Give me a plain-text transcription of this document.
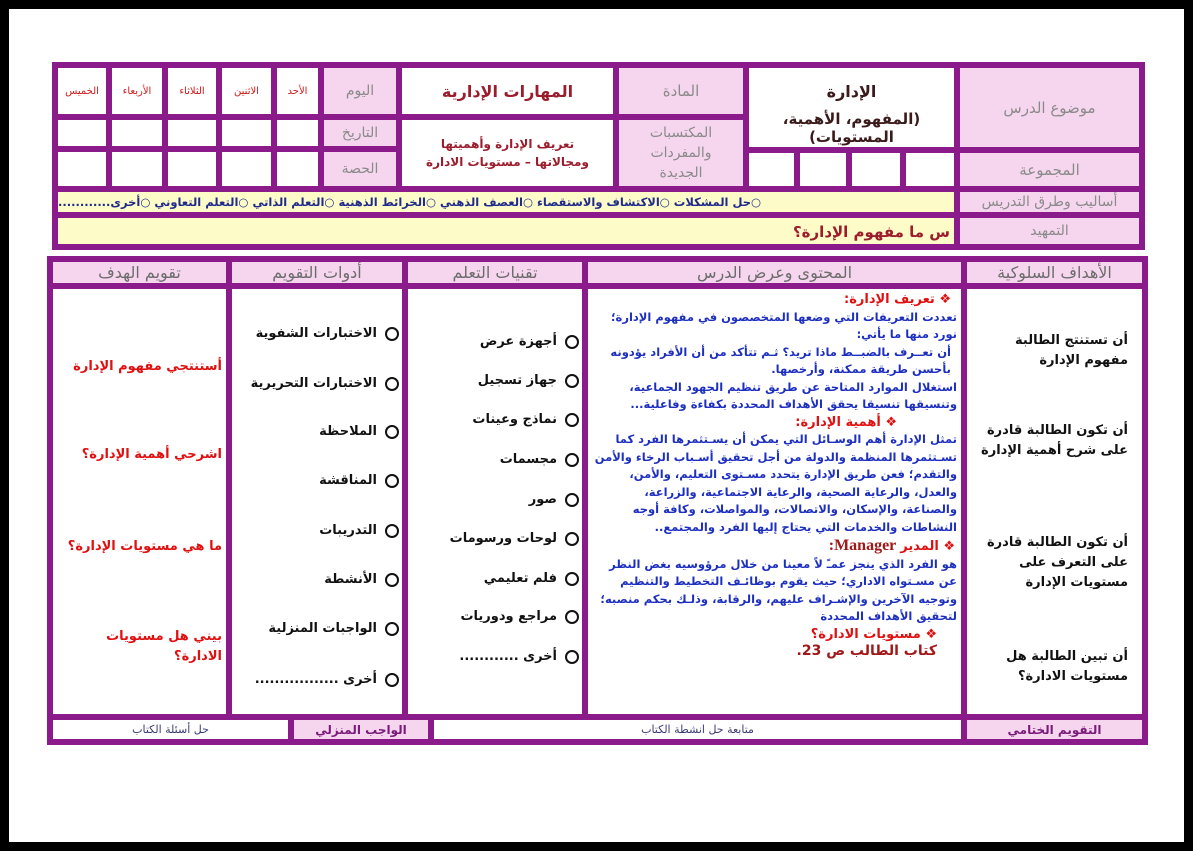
موضوع الدرس
الإدارة
(المفهوم، الأهمية، المستويات)
المادة
المهارات الإدارية
المكتسبات والمفردات الجديدة
تعريف الإدارة وأهميتها ومجالاتها – مستويات الادارة	المجموعة
اليوم
التاريخ
الحصة
الأحد
الاثنين
الثلاثاء
الأربعاء
الخميس
أساليب وطرق التدريس
○حل المشكلات ○الاكتشاف والاستقصاء ○العصف الذهني ○الخرائط الذهنية ○التعلم الذاتي ○التعلم التعاوني ○أخرى............
التمهيد
س ما مفهوم الإدارة؟
الأهداف السلوكية
المحتوى وعرض الدرس
تقنيات التعلم
أدوات التقويم
تقويم الهدف
أن تستنتج الطالبة مفهوم الإدارة
أن تكون الطالبة قادرة على شرح أهمية الإدارة
أن تكون الطالبة قادرة على التعرف على مستويات الإدارة
أن تبين الطالبة هل مستويات الادارة؟
❖ تعريف الإدارة:
تعددت التعريفات التي وضعها المتخصصون في مفهوم الإدارة؛ نورد منها ما يأتي:
أن تعــرف بالضبــط ماذا تريد؟ ثـم تتأكد من أن الأفراد يؤدونه بأحسن طريقة ممكنة، وأرخصها.
استغلال الموارد المتاحة عن طريق تنظيم الجهود الجماعية، وتنسيقها تنسيقا يحقق الأهداف المحددة بكفاءة وفاعلية...
❖ أهمية الإدارة:
تمثل الإدارة أهم الوسـائل التي يمكن أن يسـتثمرها الفرد كما تسـتثمرها المنظمة والدولة من أجل تحقيق أسـباب الرخاء والأمن والتقدم؛ فعن طريق الإدارة يتحدد مسـتوى التعليم، والأمن، والعدل، والرعاية الصحية، والرعاية الاجتماعية، والزراعة، والصناعة، والإسكان، والاتصالات، والمواصلات، وكافة أوجه النشاطات والخدمات التي يحتاج إليها الفرد والمجتمع..
❖ المدير Manager:
هو الفرد الذي ينجز عمـً لاً معينا من خلال مرؤوسيه بغض النظر عن مسـتواه الاداري؛ حيث يقوم بوظائـف التخطيط والتنظيم وتوجيه الآخرين والإشـراف عليهم، والرقابة، وذلـك بحكم منصبه؛ لتحقيق الأهداف المحددة
❖ مستويات الادارة؟
كتاب الطالب ص 23.
أستنتجي مفهوم الإدارة
اشرحي أهمية الإدارة؟
ما هي مستويات الإدارة؟
بيني هل مستويات الادارة؟
أجهزة عرض
جهاز تسجيل
نماذج وعينات
مجسمات
صور
لوحات ورسومات
فلم تعليمي
مراجع ودوريات
أخرى ............
الاختبارات الشفوية
الاختبارات التحريرية
الملاحظة
المناقشة
التدريبات
الأنشطة
الواجبات المنزلية
أخرى .................
التقويم الختامي
متابعة حل انشطة الكتاب
الواجب المنزلي
حل أسئلة الكتاب
